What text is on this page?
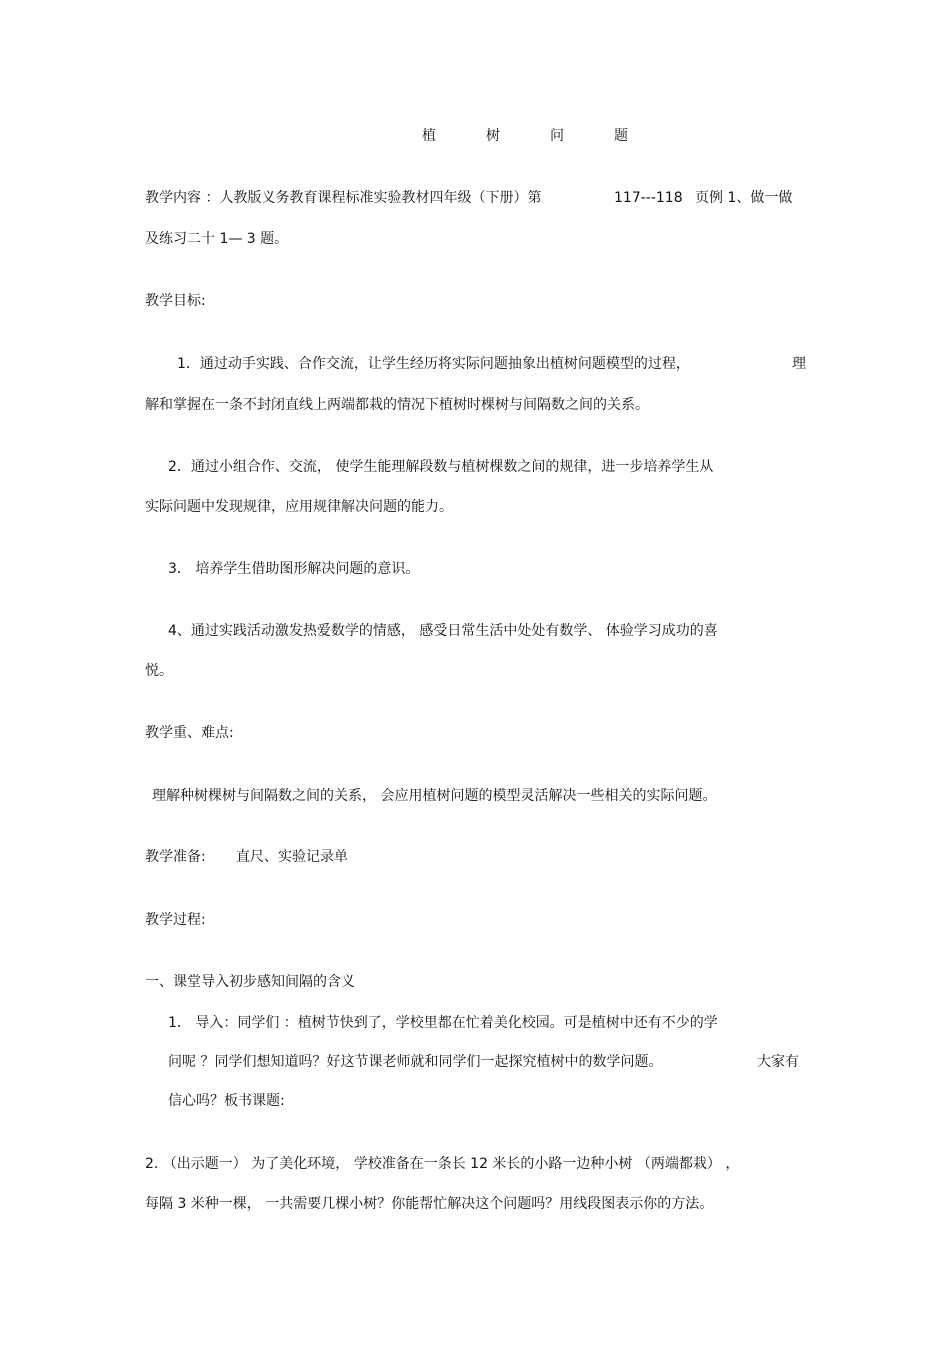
植　树　问　题
教学内容 ：人教版义务教育课程标准实验教材四年级（下册）第	117---118 页例 1、做一做
及练习二十 1— 3 题。
教学目标:
1．通过动手实践、合作交流，让学生经历将实际问题抽象出植树问题模型的过程，	理
解和掌握在一条不封闭直线上两端都栽的情况下植树时棵树与间隔数之间的关系。
2．通过小组合作、交流， 使学生能理解段数与植树棵数之间的规律，进一步培养学生从
实际问题中发现规律，应用规律解决问题的能力。
3． 培养学生借助图形解决问题的意识。
4、通过实践活动激发热爱数学的情感， 感受日常生活中处处有数学、 体验学习成功的喜
悦。
教学重、难点:
理解种树棵树与间隔数之间的关系， 会应用植树问题的模型灵活解决一些相关的实际问题。
教学准备: 直尺、实验记录单
教学过程:
一、课堂导入初步感知间隔的含义
1． 导入：同学们 ：植树节快到了，学校里都在忙着美化校园。可是植树中还有不少的学
问呢 ？同学们想知道吗？好这节课老师就和同学们一起探究植树中的数学问题。	大家有
信心吗？板书课题:
2. （出示题一） 为了美化环境， 学校准备在一条长 12 米长的小路一边种小树 （两端都栽） ，
每隔 3 米种一棵， 一共需要几棵小树？你能帮忙解决这个问题吗？用线段图表示你的方法。
